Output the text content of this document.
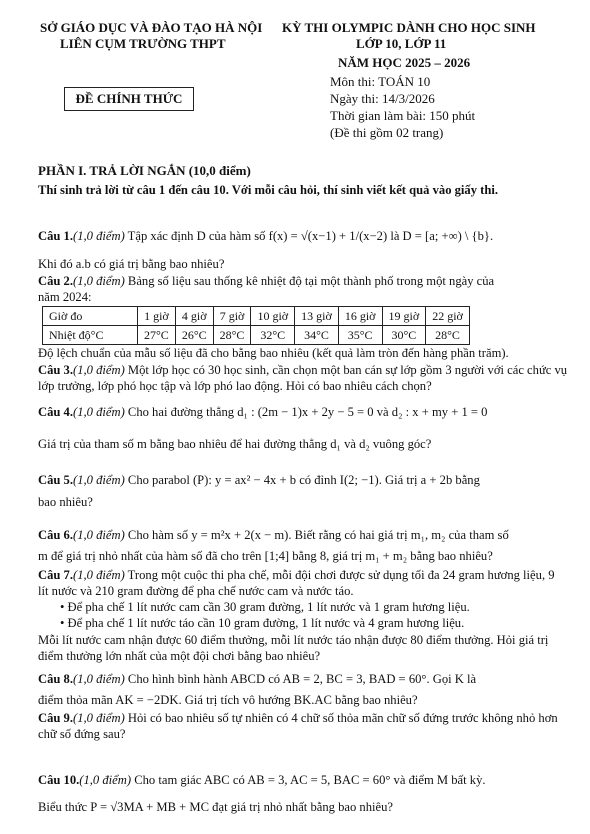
SỞ GIÁO DỤC VÀ ĐÀO TẠO HÀ NỘI
LIÊN CỤM TRƯỜNG THPT
KỲ THI OLYMPIC DÀNH CHO HỌC SINH
LỚP 10, LỚP 11
NĂM HỌC 2025 – 2026
ĐỀ CHÍNH THỨC
Môn thi: TOÁN 10
Ngày thi: 14/3/2026
Thời gian làm bài: 150 phút
(Đề thi gồm 02 trang)
PHẦN I. TRẢ LỜI NGẮN (10,0 điểm)
Thí sinh trả lời từ câu 1 đến câu 10. Với mỗi câu hỏi, thí sinh viết kết quả vào giấy thi.
Câu 1.(1,0 điểm) Tập xác định D của hàm số f(x) = √(x−1) + 1/(x−2) là D = [a; +∞) \ {b}.
Khi đó a.b có giá trị bằng bao nhiêu?
Câu 2.(1,0 điểm) Bảng số liệu sau thống kê nhiệt độ tại một thành phố trong một ngày của
năm 2024:
Giờ đo	1 giờ	4 giờ	7 giờ	10 giờ	13 giờ	16 giờ	19 giờ	22 giờ
Nhiệt độ°C	27°C	26°C	28°C	32°C	34°C	35°C	30°C	28°C
Độ lệch chuẩn của mẫu số liệu đã cho bằng bao nhiêu (kết quả làm tròn đến hàng phần trăm).
Câu 3.(1,0 điểm) Một lớp học có 30 học sinh, cần chọn một ban cán sự lớp gồm 3 người với các chức vụ lớp trưởng, lớp phó học tập và lớp phó lao động. Hỏi có bao nhiêu cách chọn?
Câu 4.(1,0 điểm) Cho hai đường thẳng d₁ : (2m − 1)x + 2y − 5 = 0 và d₂ : x + my + 1 = 0
Giá trị của tham số m bằng bao nhiêu để hai đường thẳng d₁ và d₂ vuông góc?
Câu 5.(1,0 điểm) Cho parabol (P): y = ax² − 4x + b có đỉnh I(2; −1). Giá trị a + 2b bằng
bao nhiêu?
Câu 6.(1,0 điểm) Cho hàm số y = m²x + 2(x − m). Biết rằng có hai giá trị m₁, m₂ của tham số
m để giá trị nhỏ nhất của hàm số đã cho trên [1;4] bằng 8, giá trị m₁ + m₂ bằng bao nhiêu?
Câu 7.(1,0 điểm) Trong một cuộc thi pha chế, mỗi đội chơi được sử dụng tối đa 24 gram hương liệu, 9 lít nước và 210 gram đường để pha chế nước cam và nước táo.
• Để pha chế 1 lít nước cam cần 30 gram đường, 1 lít nước và 1 gram hương liệu.
• Để pha chế 1 lít nước táo cần 10 gram đường, 1 lít nước và 4 gram hương liệu.
Mỗi lít nước cam nhận được 60 điểm thưởng, mỗi lít nước táo nhận được 80 điểm thưởng. Hỏi giá trị điểm thưởng lớn nhất của một đội chơi bằng bao nhiêu?
Câu 8.(1,0 điểm) Cho hình bình hành ABCD có AB = 2, BC = 3, BAD = 60°. Gọi K là
điểm thỏa mãn AK = −2DK. Giá trị tích vô hướng BK.AC bằng bao nhiêu?
Câu 9.(1,0 điểm) Hỏi có bao nhiêu số tự nhiên có 4 chữ số thỏa mãn chữ số đứng trước không nhỏ hơn chữ số đứng sau?
Câu 10.(1,0 điểm) Cho tam giác ABC có AB = 3, AC = 5, BAC = 60° và điểm M bất kỳ.
Biểu thức P = √3MA + MB + MC đạt giá trị nhỏ nhất bằng bao nhiêu?
